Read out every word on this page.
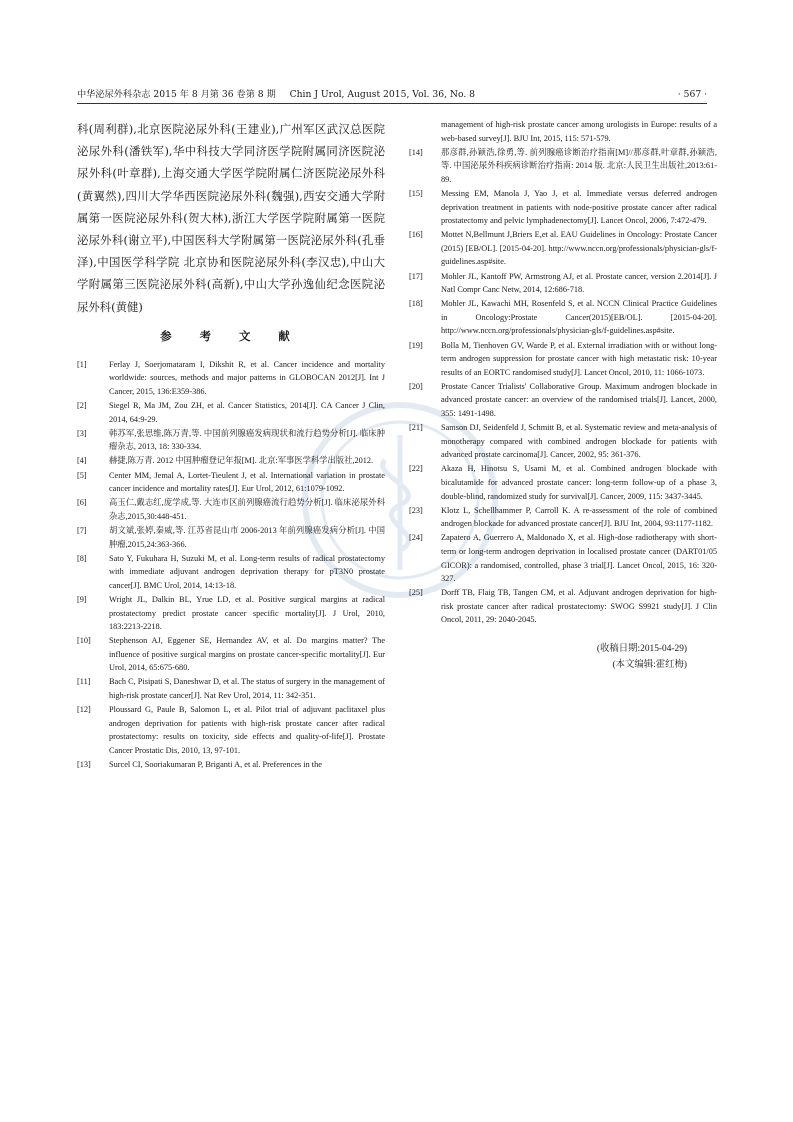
中华泌尿外科杂志 2015 年 8 月第 36 卷第 8 期 Chin J Urol, August 2015, Vol. 36, No. 8	· 567 ·

科(周利群),北京医院泌尿外科(王建业),广州军区武汉总医院泌尿外科(潘铁军),华中科技大学同济医学院附属同济医院泌尿外科(叶章群),上海交通大学医学院附属仁济医院泌尿外科(黄翼然),四川大学华西医院泌尿外科(魏强),西安交通大学附属第一医院泌尿外科(贺大林),浙江大学医学院附属第一医院泌尿外科(谢立平),中国医科大学附属第一医院泌尿外科(孔垂泽),中国医学科学院 北京协和医院泌尿外科(李汉忠),中山大学附属第三医院泌尿外科(高新),中山大学孙逸仙纪念医院泌尿外科(黄健)

参 考 文 献
[1]	Ferlay J, Soerjomataram I, Dikshit R, et al. Cancer incidence and mortality worldwide: sources, methods and major patterns in GLOBOCAN 2012[J]. Int J Cancer, 2015, 136:E359-386.
[2]	Siegel R, Ma JM, Zou ZH, et al. Cancer Statistics, 2014[J]. CA Cancer J Clin, 2014, 64:9-29.
[3]	韩苏军,张思维,陈万青,等. 中国前列腺癌发病现状和流行趋势分析[J]. 临床肿瘤杂志, 2013, 18: 330-334.
[4]	赫捷,陈万青. 2012 中国肿瘤登记年报[M]. 北京:军事医学科学出版社,2012.
[5]	Center MM, Jemal A, Lortet-Tieulent J, et al. International variation in prostate cancer incidence and mortality rates[J]. Eur Urol, 2012, 61:1079-1092.
[6]	高玉仁,戴志红,庞学成,等. 大连市区前列腺癌流行趋势分析[J]. 临床泌尿外科杂志,2015,30:448-451.
[7]	胡文斌,张婷,秦威,等. 江苏省昆山市 2006-2013 年前列腺癌发病分析[J]. 中国肿瘤,2015,24:363-366.
[8]	Sato Y, Fukuhara H, Suzuki M, et al. Long-term results of radical prostatectomy with immediate adjuvant androgen deprivation therapy for pT3N0 prostate cancer[J]. BMC Urol, 2014, 14:13-18.
[9]	Wright JL, Dalkin BL, Yrue LD, et al. Positive surgical margins at radical prostatectomy predict prostate cancer specific mortality[J]. J Urol, 2010, 183:2213-2218.
[10]	Stephenson AJ, Eggener SE, Hernandez AV, et al. Do margins matter? The influence of positive surgical margins on prostate cancer-specific mortality[J]. Eur Urol, 2014, 65:675-680.
[11]	Bach C, Pisipati S, Daneshwar D, et al. The status of surgery in the management of high-risk prostate cancer[J]. Nat Rev Urol, 2014, 11: 342-351.
[12]	Ploussard G, Paule B, Salomon L, et al. Pilot trial of adjuvant paclitaxel plus androgen deprivation for patients with high-risk prostate cancer after radical prostatectomy: results on toxicity, side effects and quality-of-life[J]. Prostate Cancer Prostatic Dis, 2010, 13, 97-101.
[13]	Surcel CI, Sooriakumaran P, Briganti A, et al. Preferences in the
management of high-risk prostate cancer among urologists in Europe: results of a web-based survey[J]. BJU Int, 2015, 115: 571-579.
[14]	那彦群,孙颖浩,徐勇,等. 前列腺癌诊断治疗指南[M]//那彦群,叶章群,孙颖浩,等. 中国泌尿外科疾病诊断治疗指南: 2014 版. 北京:人民卫生出版社,2013:61-89.
[15]	Messing EM, Manola J, Yao J, et al. Immediate versus deferred androgen deprivation treatment in patients with node-positive prostate cancer after radical prostatectomy and pelvic lymphadenectomy[J]. Lancet Oncol, 2006, 7:472-479.
[16]	Mottet N,Bellmunt J,Briers E,et al. EAU Guidelines in Oncology: Prostate Cancer (2015) [EB/OL]. [2015-04-20]. http://www.nccn.org/professionals/physician-gls/f-guidelines.asp#site.
[17]	Mohler JL, Kantoff PW, Armstrong AJ, et al. Prostate cancer, version 2.2014[J]. J Natl Compr Canc Netw, 2014, 12:686-718.
[18]	Mohler JL, Kawachi MH, Rosenfeld S, et al. NCCN Clinical Practice Guidelines in Oncology:Prostate Cancer(2015)[EB/OL]. [2015-04-20]. http://www.nccn.org/professionals/physician-gls/f-guidelines.asp#site.
[19]	Bolla M, Tienhoven GV, Warde P, et al. External irradiation with or without long-term androgen suppression for prostate cancer with high metastatic risk: 10-year results of an EORTC randomised study[J]. Lancet Oncol, 2010, 11: 1066-1073.
[20]	Prostate Cancer Trialists' Collaborative Group. Maximum androgen blockade in advanced prostate cancer: an overview of the randomised trials[J]. Lancet, 2000, 355: 1491-1498.
[21]	Samson DJ, Seidenfeld J, Schmitt B, et al. Systematic review and meta-analysis of monotherapy compared with combined androgen blockade for patients with advanced prostate carcinoma[J]. Cancer, 2002, 95: 361-376.
[22]	Akaza H, Hinotsu S, Usami M, et al. Combined androgen blockade with bicalutamide for advanced prostate cancer: long-term follow-up of a phase 3, double-blind, randomized study for survival[J]. Cancer, 2009, 115: 3437-3445.
[23]	Klotz L, Schellhammer P, Carroll K. A re-assessment of the role of combined androgen blockade for advanced prostate cancer[J]. BJU Int, 2004, 93:1177-1182.
[24]	Zapatero A, Guerrero A, Maldonado X, et al. High-dose radiotherapy with short-term or long-term androgen deprivation in localised prostate cancer (DART01/05 GICOR): a randomised, controlled, phase 3 trial[J]. Lancet Oncol, 2015, 16: 320-327.
[25]	Dorff TB, Flaig TB, Tangen CM, et al. Adjuvant androgen deprivation for high-risk prostate cancer after radical prostatectomy: SWOG S9921 study[J]. J Clin Oncol, 2011, 29: 2040-2045.
(收稿日期:2015-04-29)
(本文编辑:霍红梅)
